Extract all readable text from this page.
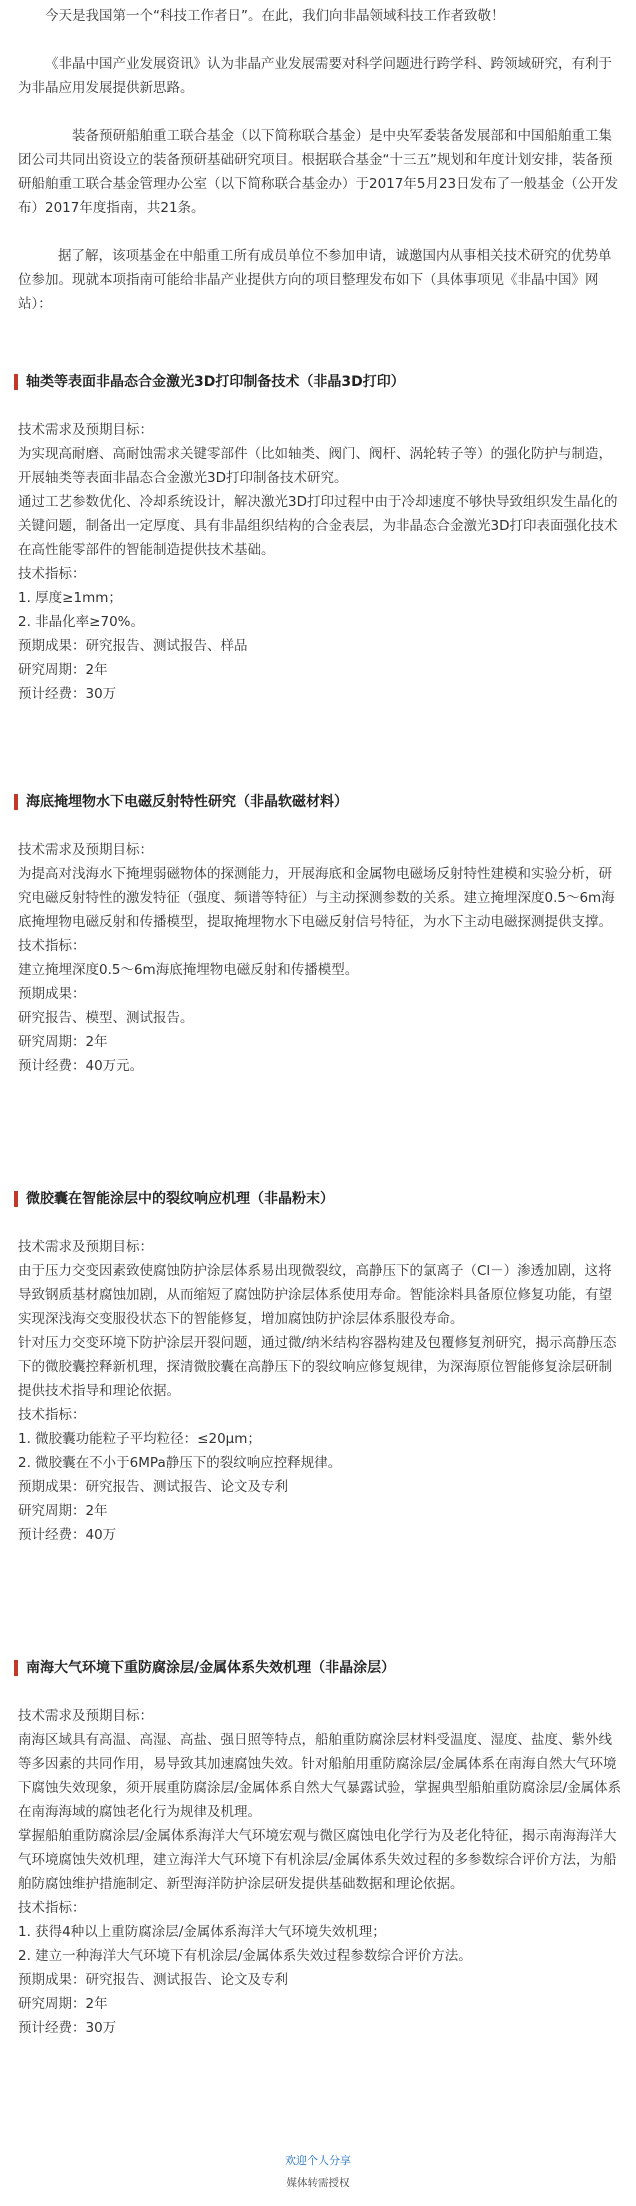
今天是我国第一个“科技工作者日”。在此，我们向非晶领域科技工作者致敬！

《非晶中国产业发展资讯》认为非晶产业发展需要对科学问题进行跨学科、跨领域研究，有利于为非晶应用发展提供新思路。

装备预研船舶重工联合基金（以下简称联合基金）是中央军委装备发展部和中国船舶重工集团公司共同出资设立的装备预研基础研究项目。根据联合基金“十三五”规划和年度计划安排，装备预研船舶重工联合基金管理办公室（以下简称联合基金办）于2017年5月23日发布了一般基金（公开发布）2017年度指南，共21条。

据了解，该项基金在中船重工所有成员单位不参加申请，诚邀国内从事相关技术研究的优势单位参加。现就本项指南可能给非晶产业提供方向的项目整理发布如下（具体事项见《非晶中国》网站）：

轴类等表面非晶态合金激光3D打印制备技术（非晶3D打印）
技术需求及预期目标：
为实现高耐磨、高耐蚀需求关键零部件（比如轴类、阀门、阀杆、涡轮转子等）的强化防护与制造，开展轴类等表面非晶态合金激光3D打印制备技术研究。
通过工艺参数优化、冷却系统设计，解决激光3D打印过程中由于冷却速度不够快导致组织发生晶化的关键问题，制备出一定厚度、具有非晶组织结构的合金表层，为非晶态合金激光3D打印表面强化技术在高性能零部件的智能制造提供技术基础。
技术指标：
1. 厚度≥1mm；
2. 非晶化率≥70%。
预期成果：研究报告、测试报告、样品
研究周期：2年
预计经费：30万
海底掩埋物水下电磁反射特性研究（非晶软磁材料）
技术需求及预期目标：
为提高对浅海水下掩埋弱磁物体的探测能力，开展海底和金属物电磁场反射特性建模和实验分析，研究电磁反射特性的激发特征（强度、频谱等特征）与主动探测参数的关系。建立掩埋深度0.5～6m海底掩埋物电磁反射和传播模型，提取掩埋物水下电磁反射信号特征，为水下主动电磁探测提供支撑。
技术指标：
建立掩埋深度0.5～6m海底掩埋物电磁反射和传播模型。
预期成果：
研究报告、模型、测试报告。
研究周期：2年
预计经费：40万元。
微胶囊在智能涂层中的裂纹响应机理（非晶粉末）
技术需求及预期目标：
由于压力交变因素致使腐蚀防护涂层体系易出现微裂纹，高静压下的氯离子（Cl－）渗透加剧，这将导致钢质基材腐蚀加剧，从而缩短了腐蚀防护涂层体系使用寿命。智能涂料具备原位修复功能，有望实现深浅海交变服役状态下的智能修复，增加腐蚀防护涂层体系服役寿命。
针对压力交变环境下防护涂层开裂问题，通过微/纳米结构容器构建及包覆修复剂研究，揭示高静压态下的微胶囊控释新机理，探清微胶囊在高静压下的裂纹响应修复规律，为深海原位智能修复涂层研制提供技术指导和理论依据。
技术指标：
1. 微胶囊功能粒子平均粒径：≤20μm；
2. 微胶囊在不小于6MPa静压下的裂纹响应控释规律。
预期成果：研究报告、测试报告、论文及专利
研究周期：2年
预计经费：40万
南海大气环境下重防腐涂层/金属体系失效机理（非晶涂层）
技术需求及预期目标：
南海区域具有高温、高湿、高盐、强日照等特点，船舶重防腐涂层材料受温度、湿度、盐度、紫外线等多因素的共同作用，易导致其加速腐蚀失效。针对船舶用重防腐涂层/金属体系在南海自然大气环境下腐蚀失效现象，须开展重防腐涂层/金属体系自然大气暴露试验，掌握典型船舶重防腐涂层/金属体系在南海海域的腐蚀老化行为规律及机理。
掌握船舶重防腐涂层/金属体系海洋大气环境宏观与微区腐蚀电化学行为及老化特征，揭示南海海洋大气环境腐蚀失效机理，建立海洋大气环境下有机涂层/金属体系失效过程的多参数综合评价方法，为船舶防腐蚀维护措施制定、新型海洋防护涂层研发提供基础数据和理论依据。
技术指标：
1. 获得4种以上重防腐涂层/金属体系海洋大气环境失效机理；
2. 建立一种海洋大气环境下有机涂层/金属体系失效过程参数综合评价方法。
预期成果：研究报告、测试报告、论文及专利
研究周期：2年
预计经费：30万
欢迎个人分享
媒体转需授权
